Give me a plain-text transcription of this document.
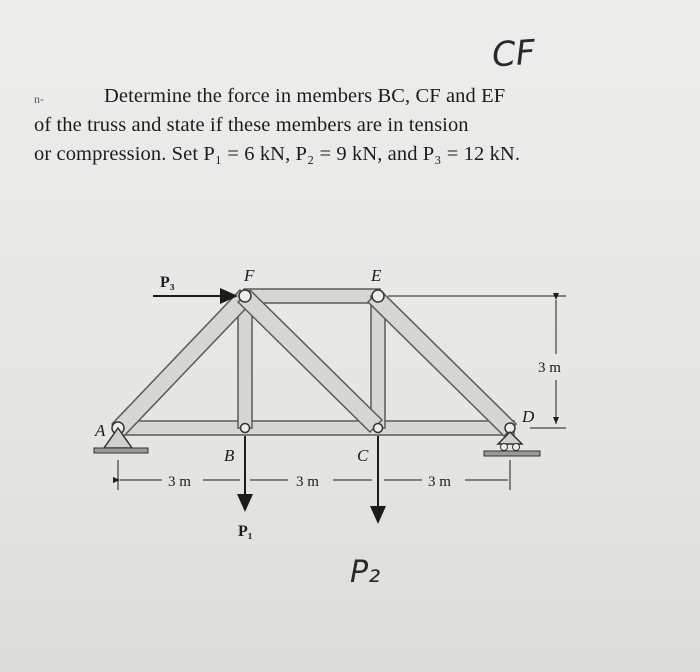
n-
CF
Determine the force in members BC, CF and EF
of the truss and state if these members are in tension
or compression. Set P₁ = 6 kN, P₂ = 9 kN, and P₃ = 12 kN.
F	E
A
B	C
D
P₃
P₁
P₂
3 m	3 m	3 m
3 m
